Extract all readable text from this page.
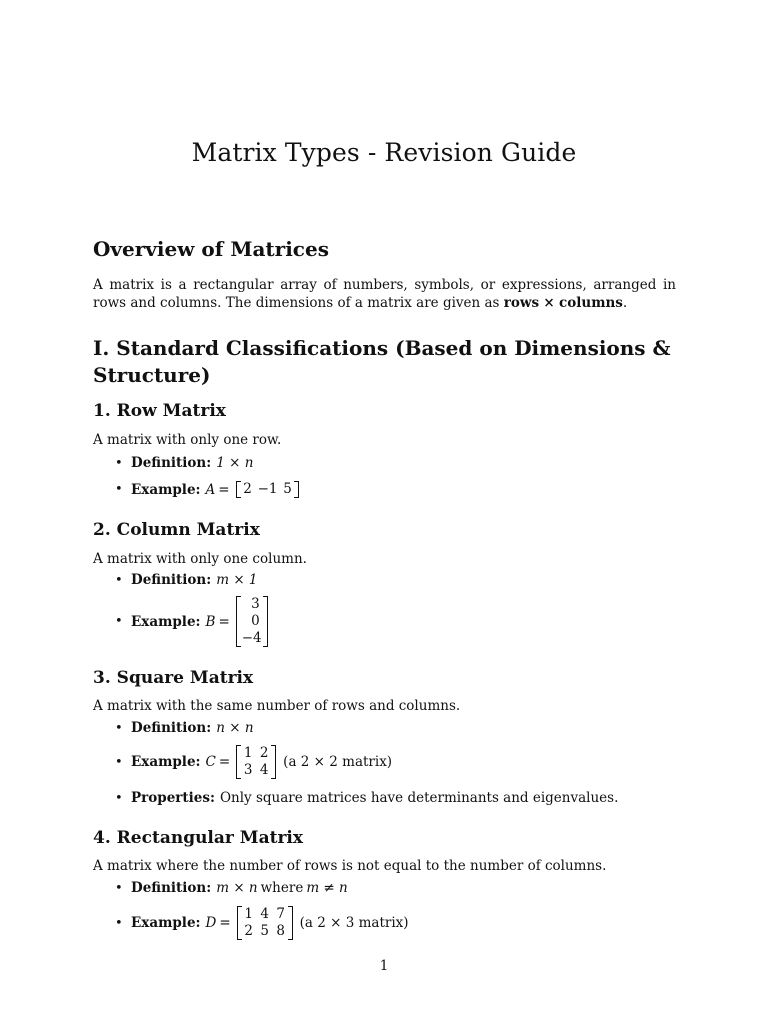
Matrix Types - Revision Guide
Overview of Matrices

A matrix is a rectangular array of numbers, symbols, or expressions, arranged in rows and columns. The dimensions of a matrix are given as rows × columns.

I. Standard Classifications (Based on Dimensions & Structure)
1. Row Matrix

A matrix with only one row.

• Definition: 1 × n
• Example: A = 2 −1 5
2. Column Matrix

A matrix with only one column.

• Definition: m × 1
• Example: B =
3
0
−4
3. Square Matrix

A matrix with the same number of rows and columns.

• Definition: n × n
• Example: C =
1 2
3 4 (a 2 × 2 matrix)
• Properties: Only square matrices have determinants and eigenvalues.
4. Rectangular Matrix

A matrix where the number of rows is not equal to the number of columns.

• Definition: m × n where m ≠ n
• Example: D =
1 4 7
2 5 8 (a 2 × 3 matrix)
1
